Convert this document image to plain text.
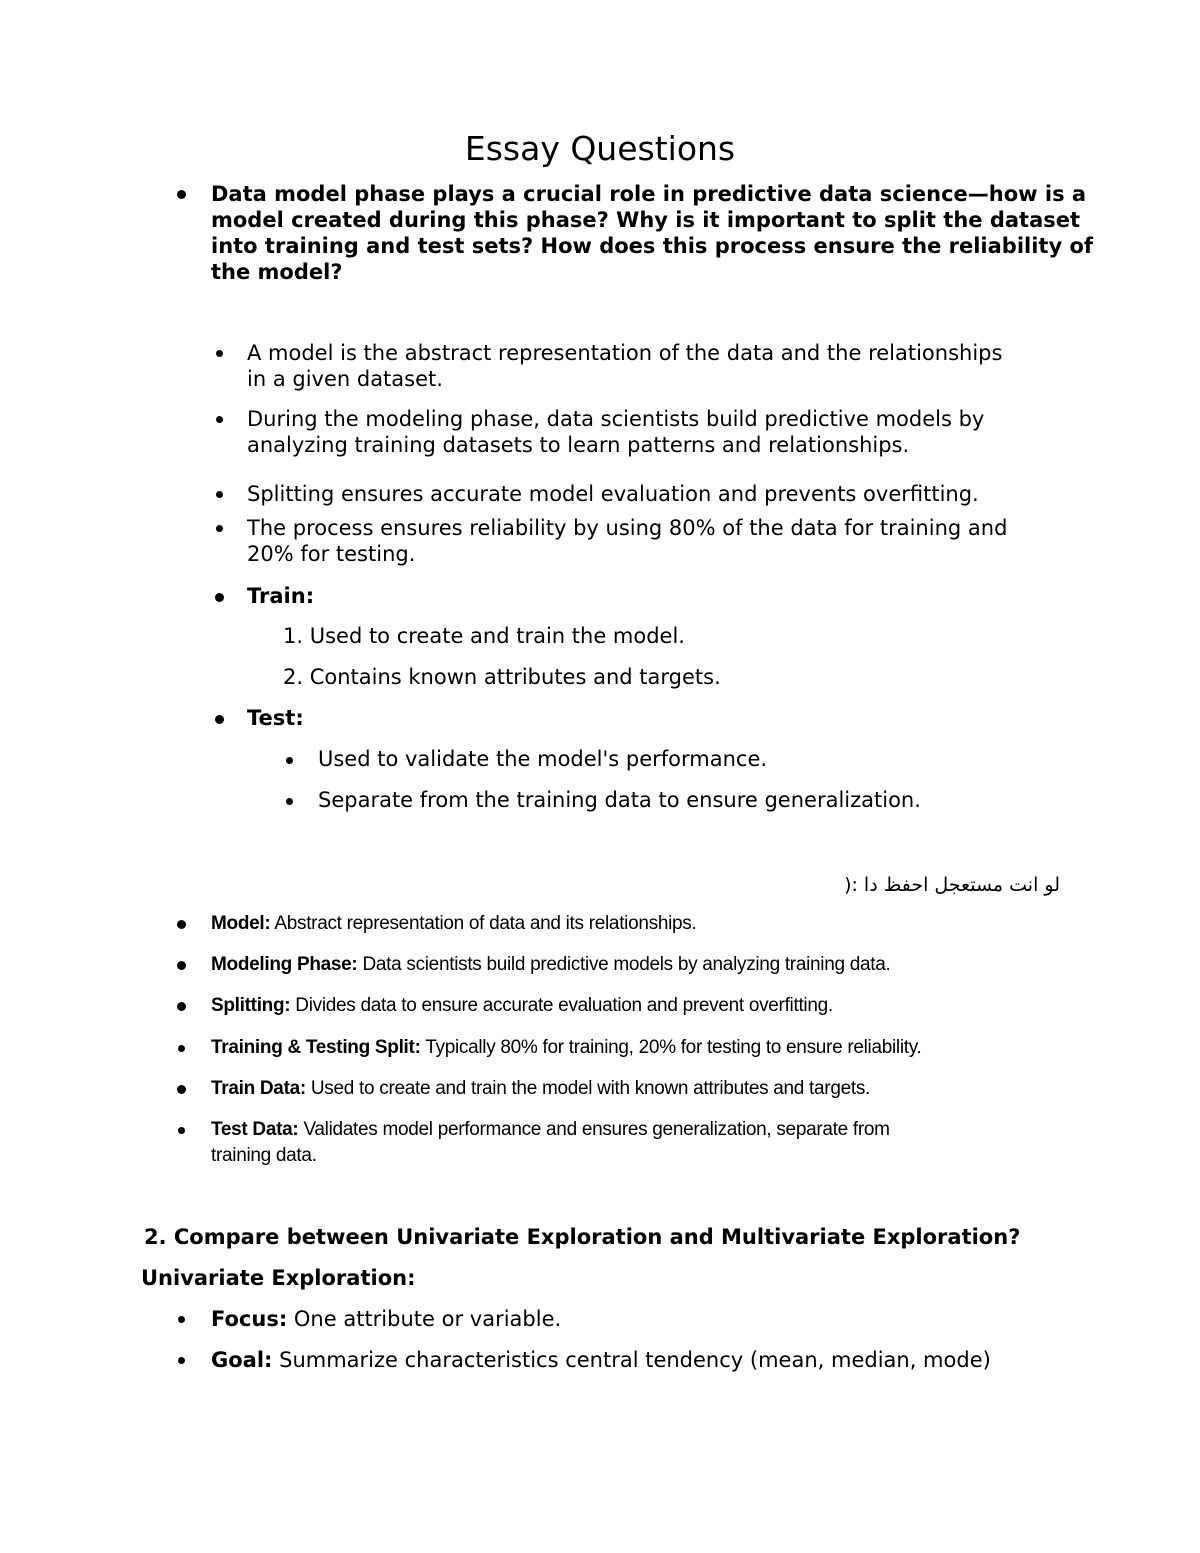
Essay Questions
Data model phase plays a crucial role in predictive data science—how is a
model created during this phase? Why is it important to split the dataset
into training and test sets? How does this process ensure the reliability of
the model?
A model is the abstract representation of the data and the relationships
in a given dataset.
During the modeling phase, data scientists build predictive models by
analyzing training datasets to learn patterns and relationships.
Splitting ensures accurate model evaluation and prevents overfitting.
The process ensures reliability by using 80% of the data for training and
20% for testing.
Train:
1. Used to create and train the model.
2. Contains known attributes and targets.
Test:
Used to validate the model's performance.
Separate from the training data to ensure generalization.
لو انت مستعجل احفظ دا :(
Model: Abstract representation of data and its relationships.
Modeling Phase: Data scientists build predictive models by analyzing training data.
Splitting: Divides data to ensure accurate evaluation and prevent overfitting.
Training & Testing Split: Typically 80% for training, 20% for testing to ensure reliability.
Train Data: Used to create and train the model with known attributes and targets.
Test Data: Validates model performance and ensures generalization, separate from
training data.
2. Compare between Univariate Exploration and Multivariate Exploration?
Univariate Exploration:
Focus: One attribute or variable.
Goal: Summarize characteristics central tendency (mean, median, mode)
